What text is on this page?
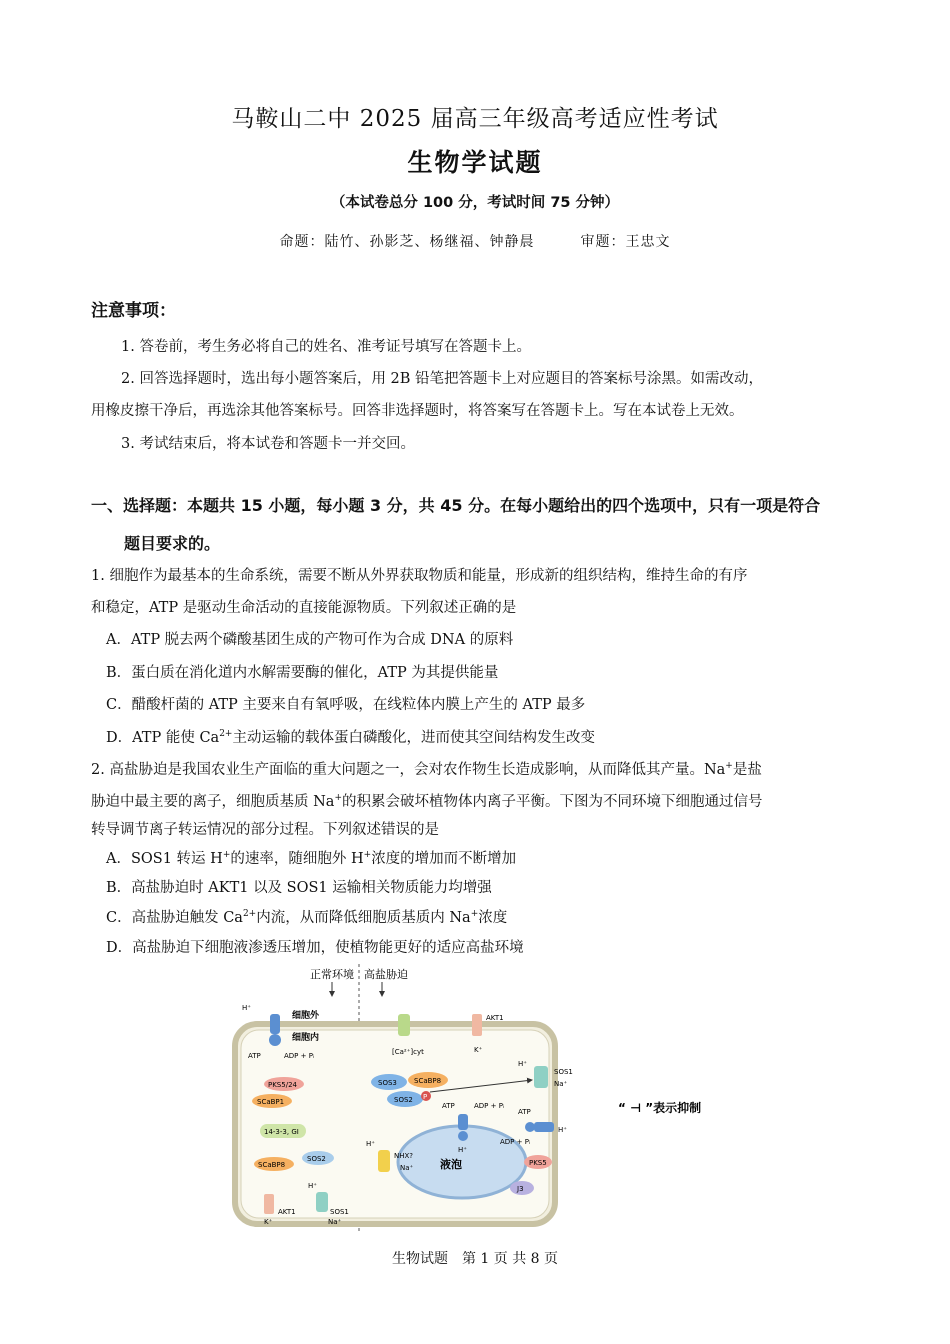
马鞍山二中 2025 届高三年级高考适应性考试
生物学试题
（本试卷总分 100 分，考试时间 75 分钟）
命题：陆竹、孙影芝、杨继福、钟静晨	审题：王忠文
注意事项：
1. 答卷前，考生务必将自己的姓名、准考证号填写在答题卡上。
2. 回答选择题时，选出每小题答案后，用 2B 铅笔把答题卡上对应题目的答案标号涂黑。如需改动，
用橡皮擦干净后，再选涂其他答案标号。回答非选择题时，将答案写在答题卡上。写在本试卷上无效。
3. 考试结束后，将本试卷和答题卡一并交回。
一、选择题：本题共 15 小题，每小题 3 分，共 45 分。在每小题给出的四个选项中，只有一项是符合
题目要求的。
1. 细胞作为最基本的生命系统，需要不断从外界获取物质和能量，形成新的组织结构，维持生命的有序
和稳定，ATP 是驱动生命活动的直接能源物质。下列叙述正确的是
A．ATP 脱去两个磷酸基团生成的产物可作为合成 DNA 的原料
B．蛋白质在消化道内水解需要酶的催化，ATP 为其提供能量
C．醋酸杆菌的 ATP 主要来自有氧呼吸，在线粒体内膜上产生的 ATP 最多
D．ATP 能使 $Ca^{2+}$主动运输的载体蛋白磷酸化，进而使其空间结构发生改变
2. 高盐胁迫是我国农业生产面临的重大问题之一，会对农作物生长造成影响，从而降低其产量。Na+是盐
胁迫中最主要的离子，细胞质基质 Na+的积累会破坏植物体内离子平衡。下图为不同环境下细胞通过信号
转导调节离子转运情况的部分过程。下列叙述错误的是
A．SOS1 转运 H+的速率，随细胞外 H+浓度的增加而不断增加
B．高盐胁迫时 AKT1 以及 SOS1 运输相关物质能力均增强
C．高盐胁迫触发 $Ca^{2+}$内流，从而降低细胞质基质内 Na+浓度
D．高盐胁迫下细胞液渗透压增加，使植物能更好的适应高盐环境
正常环境 高盐胁迫
细胞外
细胞内
H⁺
ATP	ADP + Pᵢ
PKS5/24
SCaBP1
14-3-3, GI
SOS2
SCaBP8
AKT1
K⁺
H⁺
SOS1
Na⁺
[Ca²⁺]cyt
AKT1
K⁺
SOS3 SCaBP8
SOS2 P
H⁺
SOS1
Na⁺
液泡
NHX?
Na⁺
H⁺
ATP	ADP + Pᵢ
H⁺
H⁺
ATP
ADP + Pᵢ
PKS5
J3
“ ⊣ ”表示抑制
生物试题　第 1 页 共 8 页
